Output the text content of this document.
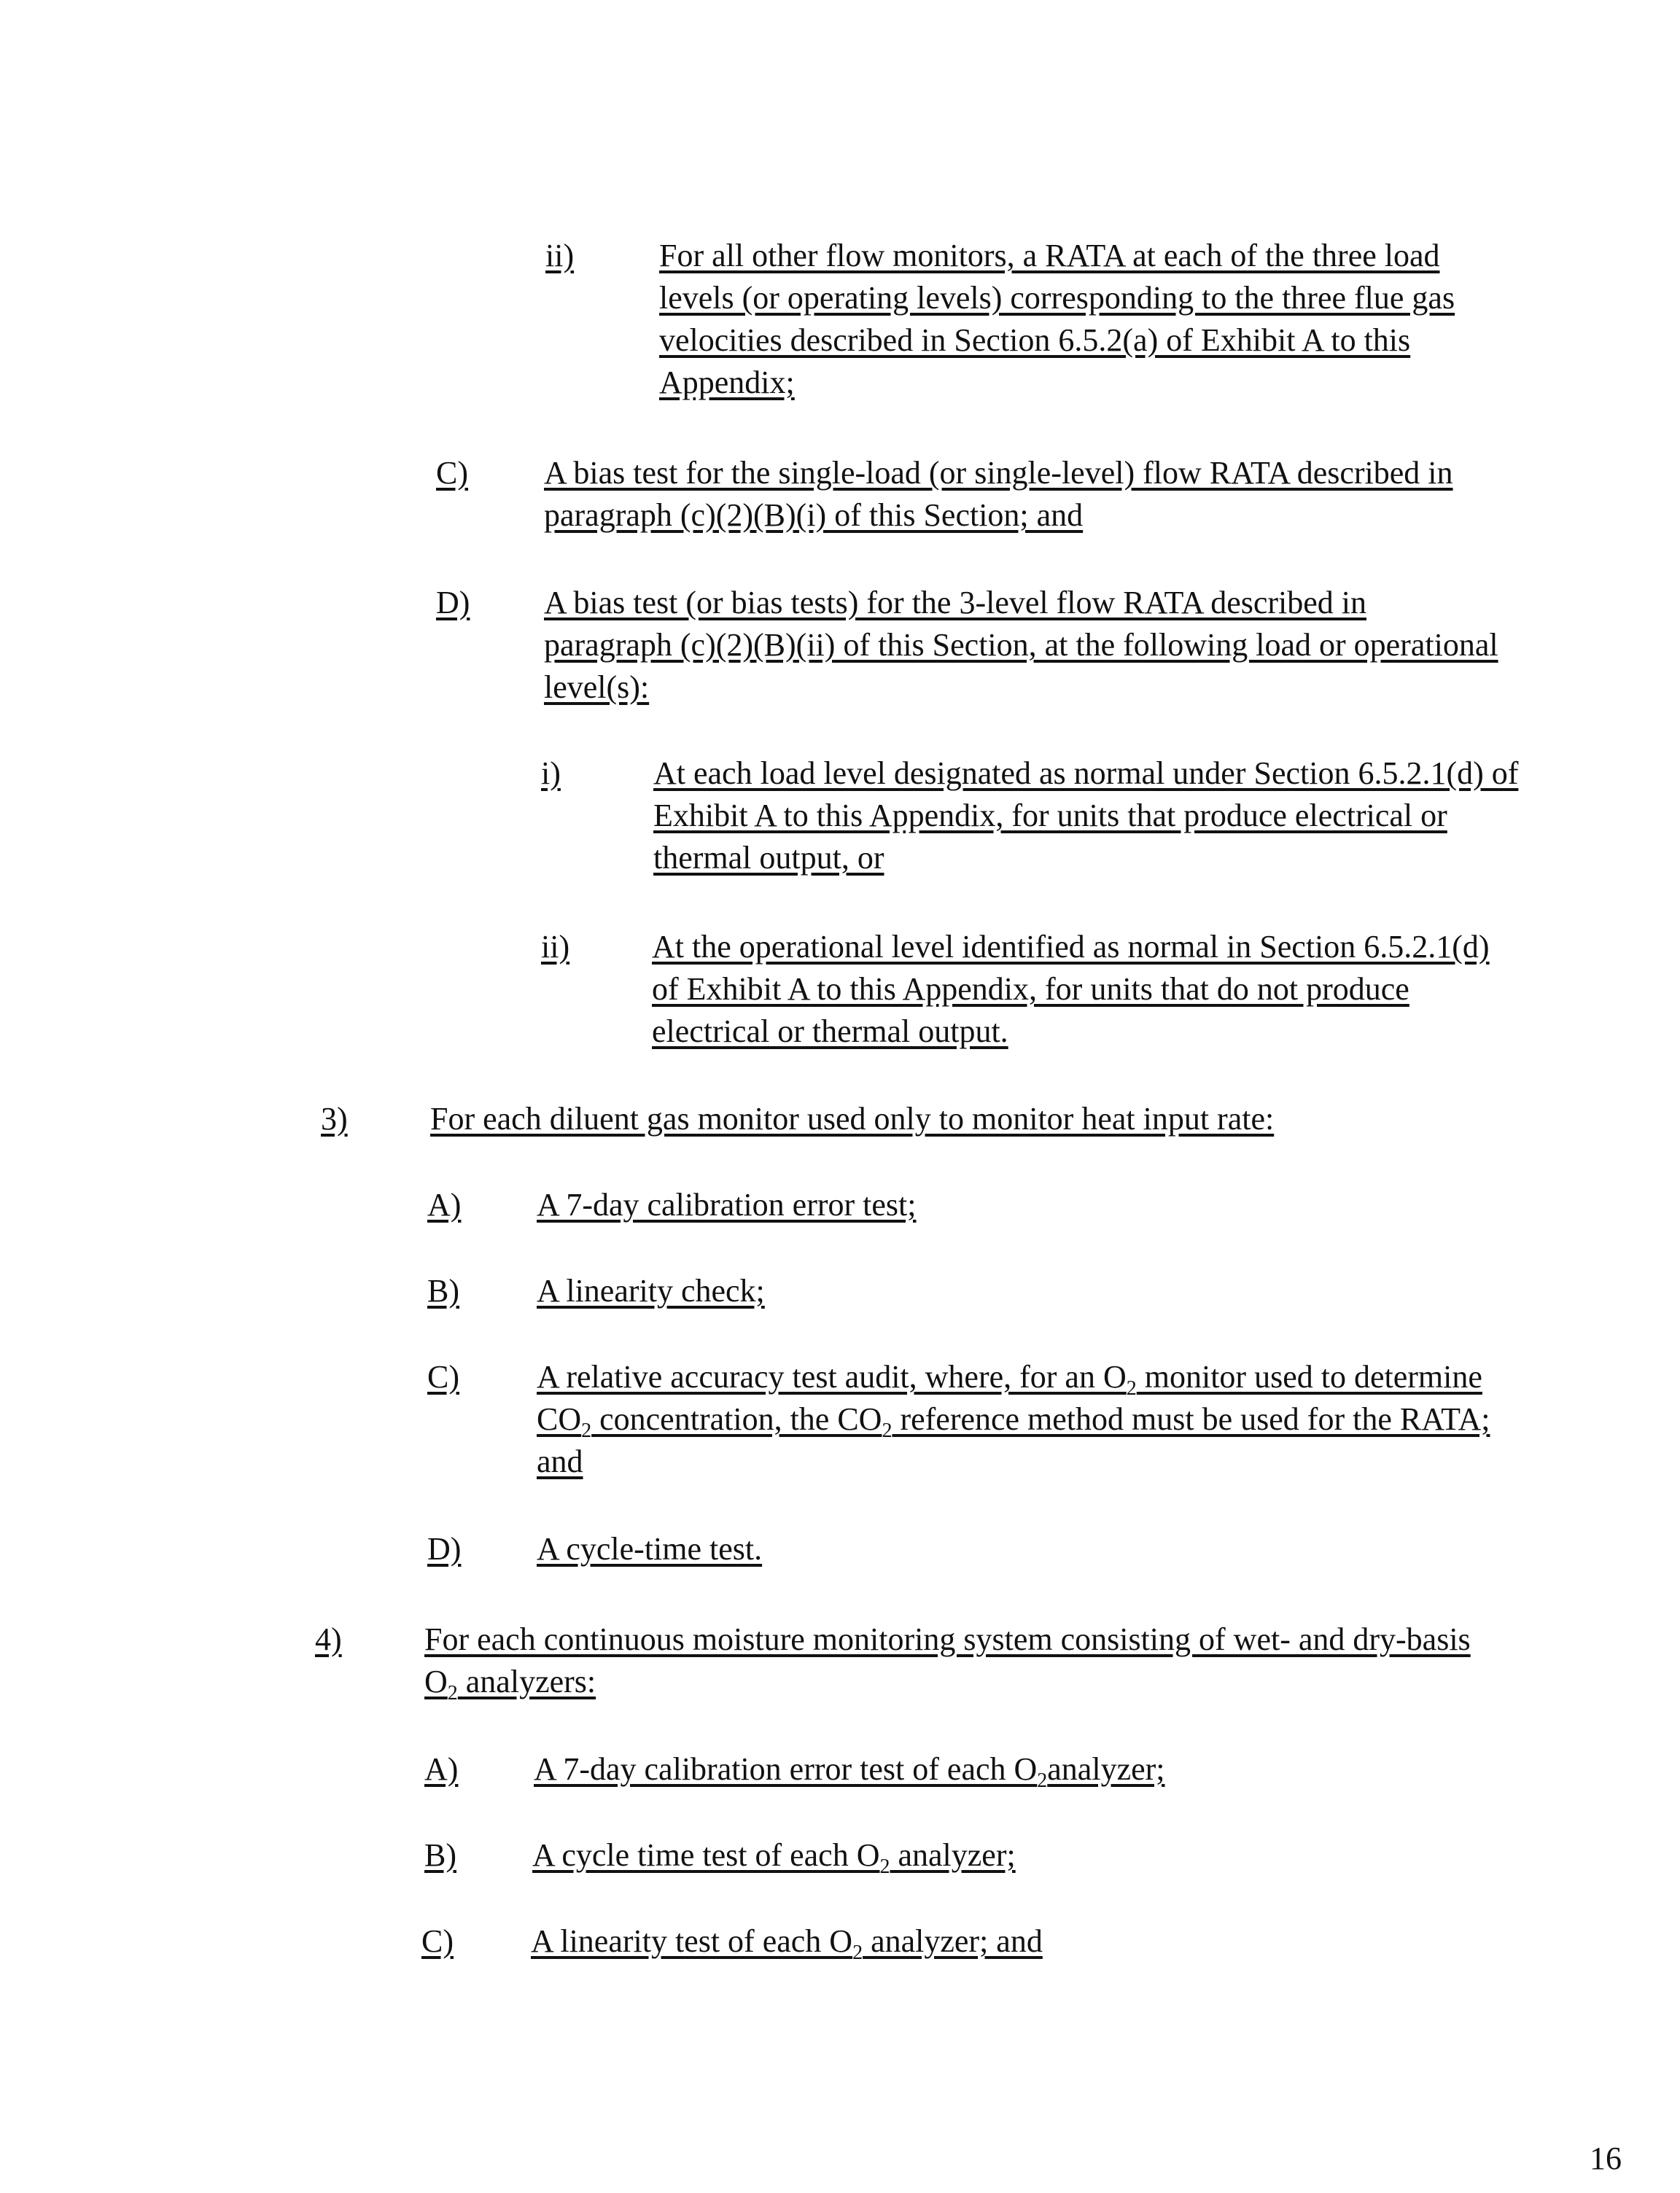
ii)	For all other flow monitors, a RATA at each of the three load
levels (or operating levels) corresponding to the three flue gas
velocities described in Section 6.5.2(a) of Exhibit A to this
Appendix;
C) A bias test for the single-load (or single-level) flow RATA described in
paragraph (c)(2)(B)(i) of this Section; and
D) A bias test (or bias tests) for the 3-level flow RATA described in
paragraph (c)(2)(B)(ii) of this Section, at the following load or operational
level(s):
i)	At each load level designated as normal under Section 6.5.2.1(d) of
Exhibit A to this Appendix, for units that produce electrical or
thermal output, or
ii)	At the operational level identified as normal in Section 6.5.2.1(d)
of Exhibit A to this Appendix, for units that do not produce
electrical or thermal output.
3)	For each diluent gas monitor used only to monitor heat input rate:
A) A 7-day calibration error test;
B) A linearity check;
C) A relative accuracy test audit, where, for an $O_2$ monitor used to determine
$CO_2$ concentration, the $CO_2$ reference method must be used for the RATA;
and
D) A cycle-time test.
4)	For each continuous moisture monitoring system consisting of wet- and dry-basis
$O_2$ analyzers:
A) A 7-day calibration error test of each $O_2analyzer$;
B) A cycle time test of each $O_2$ analyzer;
C) A linearity test of each $O_2$ analyzer; and
16
